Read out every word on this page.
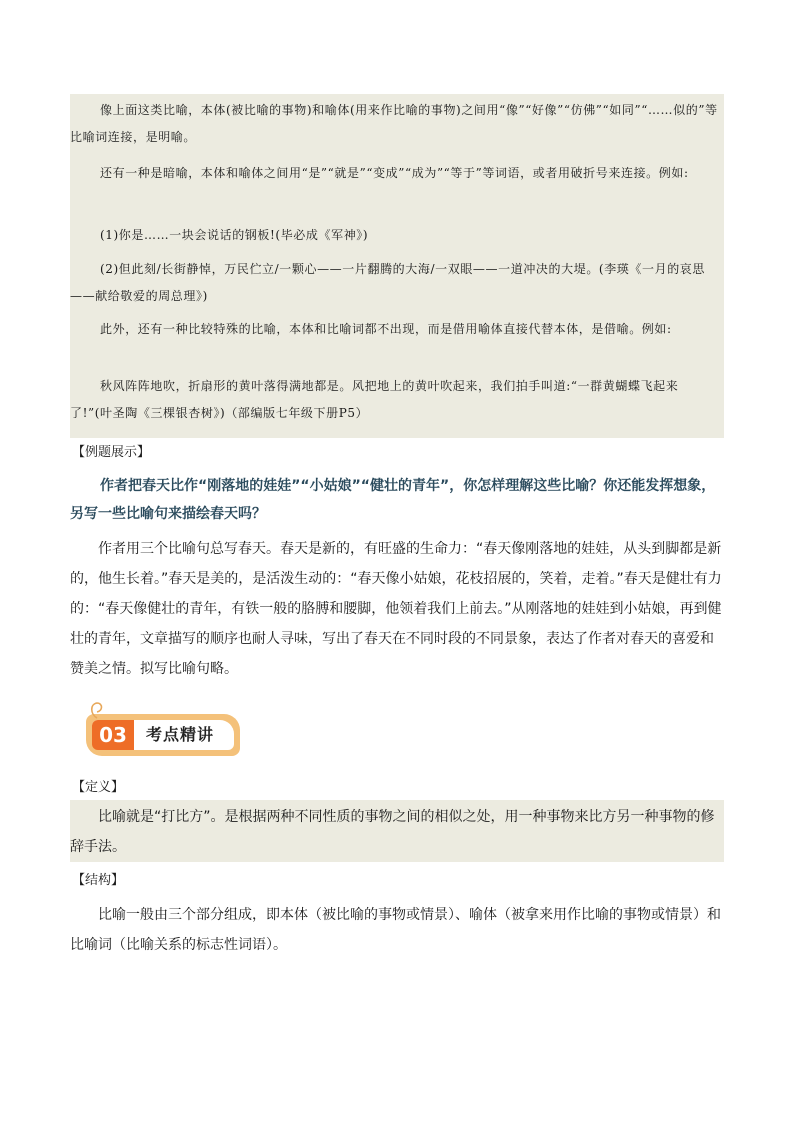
像上面这类比喻，本体(被比喻的事物)和喻体(用来作比喻的事物)之间用“像”“好像”“仿佛”“如同”“……似的”等比喻词连接，是明喻。

还有一种是暗喻，本体和喻体之间用“是”“就是”“变成”“成为”“等于”等词语，或者用破折号来连接。例如:

(1)你是……一块会说话的钢板!(毕必成《军神》)

(2)但此刻/长街静悼，万民伫立/一颗心——一片翻腾的大海/一双眼——一道冲决的大堤。(李瑛《一月的哀思——献给敬爱的周总理》)

此外，还有一种比较特殊的比喻，本体和比喻词都不出现，而是借用喻体直接代替本体，是借喻。例如:

秋风阵阵地吹，折扇形的黄叶落得满地都是。风把地上的黄叶吹起来，我们拍手叫道:“一群黄蝴蝶飞起来了!”(叶圣陶《三棵银杏树》)（部编版七年级下册P5）

【例题展示】

作者把春天比作“刚落地的娃娃”“小姑娘”“健壮的青年”，你怎样理解这些比喻？你还能发挥想象，另写一些比喻句来描绘春天吗？

作者用三个比喻句总写春天。春天是新的，有旺盛的生命力：“春天像刚落地的娃娃，从头到脚都是新的，他生长着。”春天是美的，是活泼生动的：“春天像小姑娘，花枝招展的，笑着，走着。”春天是健壮有力的：“春天像健壮的青年，有铁一般的胳膊和腰脚，他领着我们上前去。”从刚落地的娃娃到小姑娘，再到健壮的青年，文章描写的顺序也耐人寻味，写出了春天在不同时段的不同景象，表达了作者对春天的喜爱和赞美之情。拟写比喻句略。

03	考点精讲
【定义】

比喻就是“打比方”。是根据两种不同性质的事物之间的相似之处，用一种事物来比方另一种事物的修辞手法。

【结构】

比喻一般由三个部分组成，即本体（被比喻的事物或情景）、喻体（被拿来用作比喻的事物或情景）和比喻词（比喻关系的标志性词语）。
